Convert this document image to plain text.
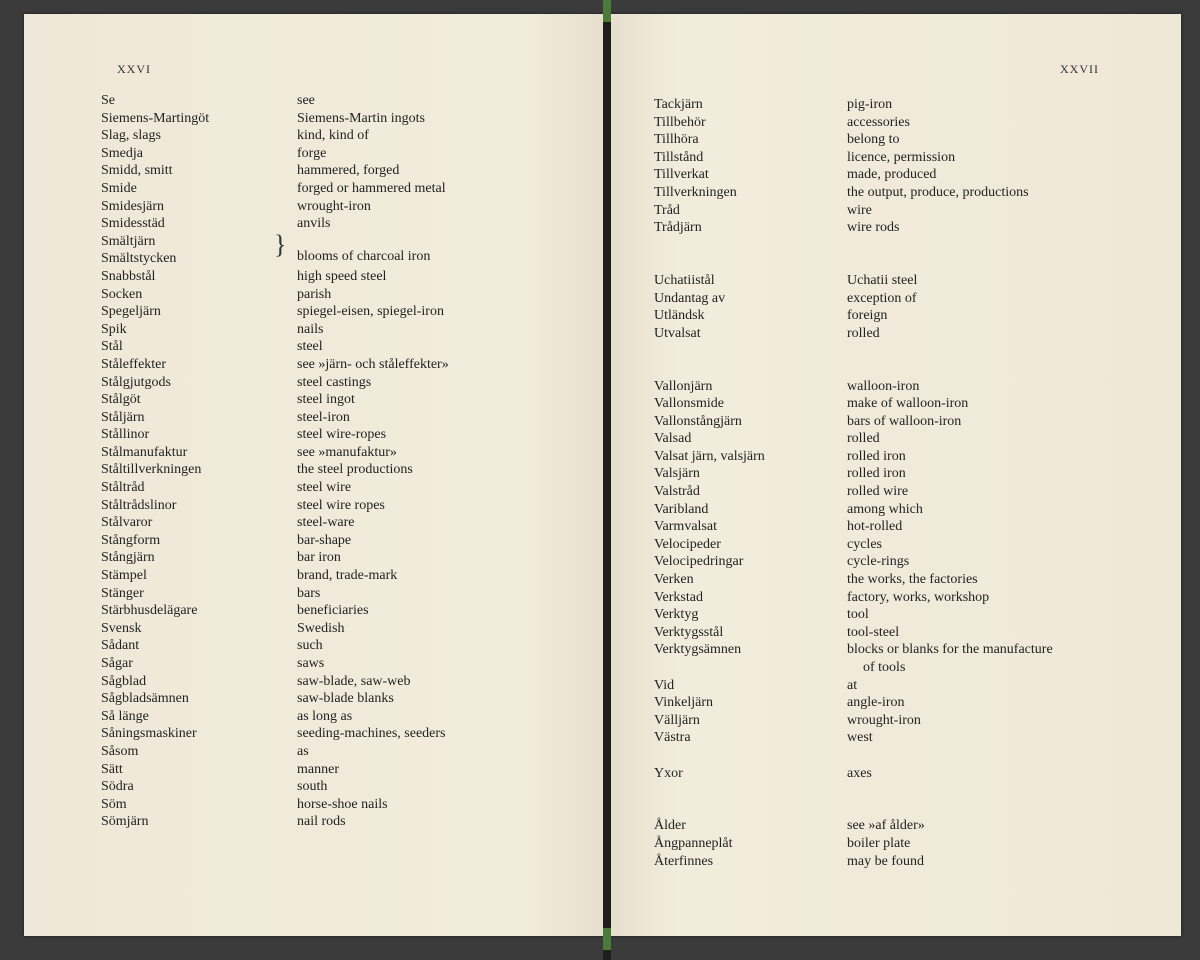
XXVI
Se
Siemens-Martingöt
Slag, slags
Smedja
Smidd, smitt
Smide
Smidesjärn
Smidesstäd
Smältjärn
Smältstycken
Snabbstål
Socken
Spegeljärn
Spik
Stål
Ståleffekter
Stålgjutgods
Stålgöt
Ståljärn
Stållinor
Stålmanufaktur
Ståltillverkningen
Ståltråd
Ståltrådslinor
Stålvaror
Stångform
Stångjärn
Stämpel
Stänger
Stärbhusdelägare
Svensk
Sådant
Sågar
Sågblad
Sågbladsämnen
Så länge
Såningsmaskiner
Såsom
Sätt
Södra
Söm
Sömjärn
see
Siemens-Martin ingots
kind, kind of
forge
hammered, forged
forged or hammered metal
wrought-iron
anvils
high speed steel
parish
spiegel-eisen, spiegel-iron
nails
steel
see »järn- och ståleffekter»
steel castings
steel ingot
steel-iron
steel wire-ropes
see »manufaktur»
the steel productions
steel wire
steel wire ropes
steel-ware
bar-shape
bar iron
brand, trade-mark
bars
beneficiaries
Swedish
such
saws
saw-blade, saw-web
saw-blade blanks
as long as
seeding-machines, seeders
as
manner
south
horse-shoe nails
nail rods
} blooms of charcoal iron
XXVII
Tackjärn
Tillbehör
Tillhöra
Tillstånd
Tillverkat
Tillverkningen
Tråd
Trådjärn
Uchatiistål
Undantag av
Utländsk
Utvalsat
Vallonjärn
Vallonsmide
Vallonstångjärn
Valsad
Valsat järn, valsjärn
Valsjärn
Valstråd
Varibland
Varmvalsat
Velocipeder
Velocipedringar
Verken
Verkstad
Verktyg
Verktygsstål
Verktygsämnen
Vid
Vinkeljärn
Välljärn
Västra
Yxor
Ålder
Ångpanneplåt
Återfinnes
pig-iron
accessories
belong to
licence, permission
made, produced
the output, produce, productions
wire
wire rods
Uchatii steel
exception of
foreign
rolled
walloon-iron
make of walloon-iron
bars of walloon-iron
rolled
rolled iron
rolled iron
rolled wire
among which
hot-rolled
cycles
cycle-rings
the works, the factories
factory, works, workshop
tool
tool-steel
blocks or blanks for the manufacture
of tools
at
angle-iron
wrought-iron
west
axes
see »af ålder»
boiler plate
may be found
